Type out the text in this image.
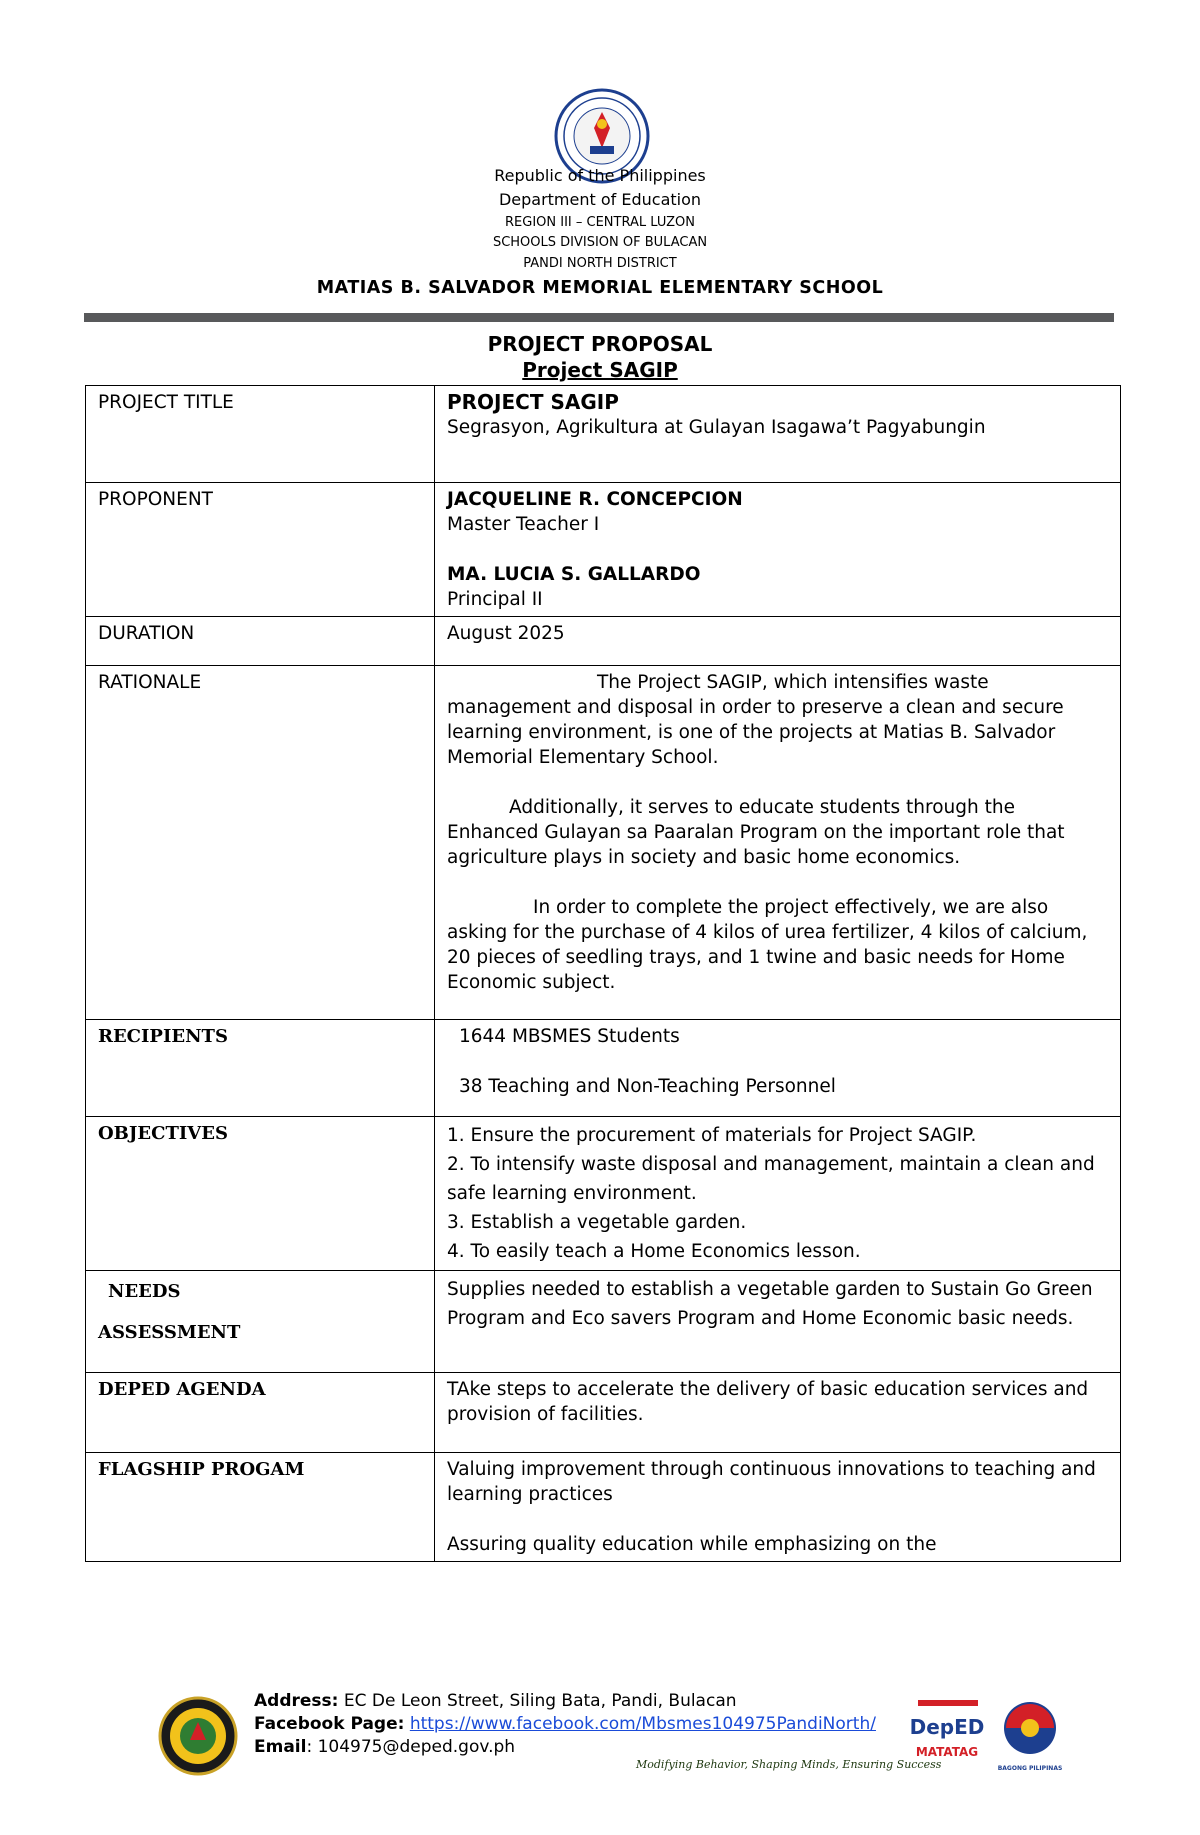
Republic of the Philippines
Department of Education
REGION III – CENTRAL LUZON
SCHOOLS DIVISION OF BULACAN
PANDI NORTH DISTRICT
MATIAS B. SALVADOR MEMORIAL ELEMENTARY SCHOOL
PROJECT PROPOSAL
Project SAGIP
PROJECT TITLE	PROJECT SAGIP
Segrasyon, Agrikultura at Gulayan Isagawa’t Pagyabungin

PROPONENT	JACQUELINE R. CONCEPCION
Master Teacher I
MA. LUCIA S. GALLARDO
Principal II

DURATION	August 2025
RATIONALE	The Project SAGIP, which intensifies waste management and disposal in order to preserve a clean and secure learning environment, is one of the projects at Matias B. Salvador Memorial Elementary School.

Additionally, it serves to educate students through the Enhanced Gulayan sa Paaralan Program on the important role that agriculture plays in society and basic home economics.

In order to complete the project effectively, we are also asking for the purchase of 4 kilos of urea fertilizer, 4 kilos of calcium, 20 pieces of seedling trays, and 1 twine and basic needs for Home Economic subject.

RECIPIENTS	1644 MBSMES Students
38 Teaching and Non-Teaching Personnel

OBJECTIVES	1. Ensure the procurement of materials for Project SAGIP.
2. To intensify waste disposal and management, maintain a clean and safe learning environment.
3. Establish a vegetable garden.
4. To easily teach a Home Economics lesson.

NEEDS
ASSESSMENT	Supplies needed to establish a vegetable garden to Sustain Go Green Program and Eco savers Program and Home Economic basic needs.
DEPED AGENDA	TAke steps to accelerate the delivery of basic education services and provision of facilities.
FLAGSHIP PROGAM	Valuing improvement through continuous innovations to teaching and learning practices
Assuring quality education while emphasizing on the
Address: EC De Leon Street, Siling Bata, Pandi, Bulacan
Facebook Page: https://www.facebook.com/Mbsmes104975PandiNorth/
Email: 104975@deped.gov.ph
Modifying Behavior, Shaping Minds, Ensuring Success
DepED
MATATAG
BAGONG PILIPINAS
